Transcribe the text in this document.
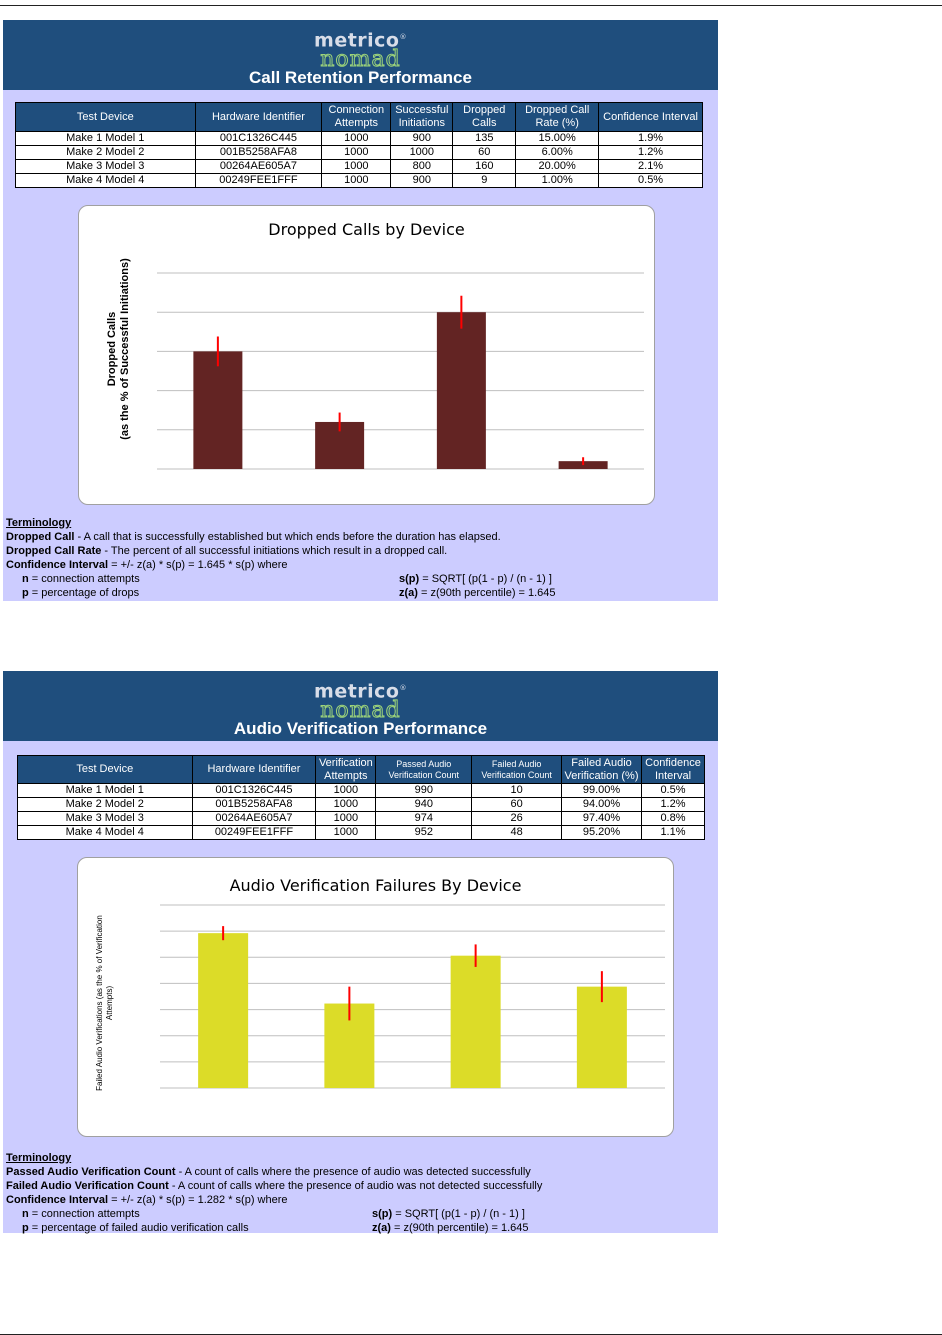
metrico®
nomad
Call Retention Performance
Test Device	Hardware Identifier	Connection Attempts	Successful Initiations	Dropped Calls	Dropped Call Rate (%)	Confidence Interval
Make 1 Model 1	001C1326C445	1000	900	135	15.00%	1.9%
Make 2 Model 2	001B5258AFA8	1000	1000	60	6.00%	1.2%
Make 3 Model 3	00264AE605A7	1000	800	160	20.00%	2.1%
Make 4 Model 4	00249FEE1FFF	1000	900	9	1.00%	0.5%
Dropped Calls by Device
Dropped Calls (as the % of Successful Initiations)
Terminology
Dropped Call - A call that is successfully established but which ends before the duration has elapsed.
Dropped Call Rate - The percent of all successful initiations which result in a dropped call.
Confidence Interval = +/- z(a) * s(p) = 1.645 * s(p) where
n = connection attempts
p = percentage of drops
s(p) = SQRT[ (p(1 - p) / (n - 1) ]
z(a) = z(90th percentile) = 1.645
metrico®
nomad
Audio Verification Performance
Test Device	Hardware Identifier	Verification Attempts	Passed Audio Verification Count	Failed Audio Verification Count	Failed Audio Verification (%)	Confidence Interval
Make 1 Model 1	001C1326C445	1000	990	10	99.00%	0.5%
Make 2 Model 2	001B5258AFA8	1000	940	60	94.00%	1.2%
Make 3 Model 3	00264AE605A7	1000	974	26	97.40%	0.8%
Make 4 Model 4	00249FEE1FFF	1000	952	48	95.20%	1.1%
Audio Verification Failures By Device
Failed Audio Verifications (as the % of Verification Attempts)
Terminology
Passed Audio Verification Count - A count of calls where the presence of audio was detected successfully
Failed Audio Verification Count - A count of calls where the presence of audio was not detected successfully
Confidence Interval = +/- z(a) * s(p) = 1.282 * s(p) where
n = connection attempts
p = percentage of failed audio verification calls
s(p) = SQRT[ (p(1 - p) / (n - 1) ]
z(a) = z(90th percentile) = 1.645
